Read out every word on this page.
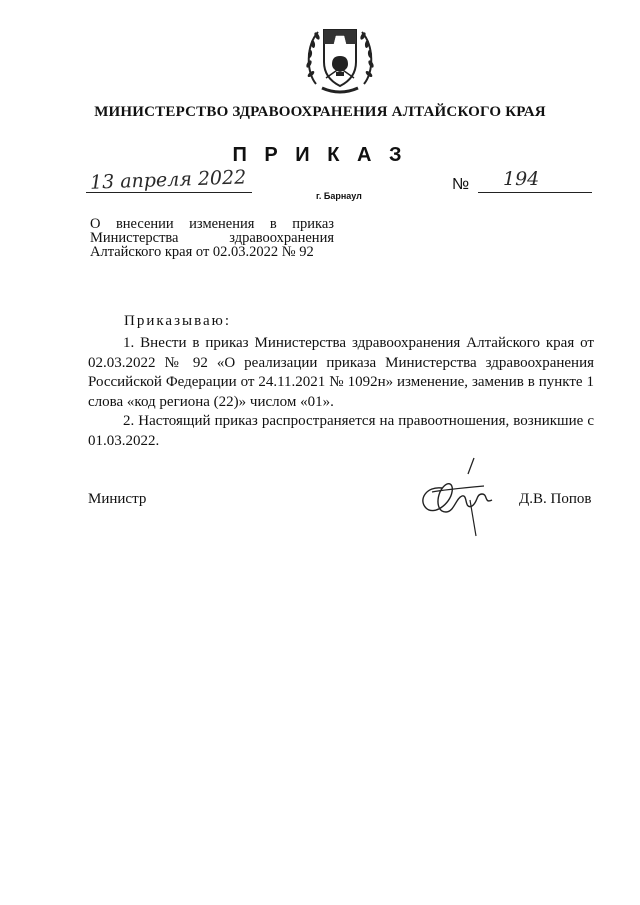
МИНИСТЕРСТВО ЗДРАВООХРАНЕНИЯ АЛТАЙСКОГО КРАЯ
П Р И К А З
13 апреля 2022
г. Барнаул
№ 194
О внесении изменения в приказ
Министерства здравоохранения
Алтайского края от 02.03.2022 № 92
Приказываю:

1. Внести в приказ Министерства здравоохранения Алтайского края от 02.03.2022 № 92 «О реализации приказа Министерства здравоохранения Российской Федерации от 24.11.2021 № 1092н» изменение, заменив в пункте 1 слова «код региона (22)» числом «01».

2. Настоящий приказ распространяется на правоотношения, возникшие с 01.03.2022.

Министр	Д.В. Попов
